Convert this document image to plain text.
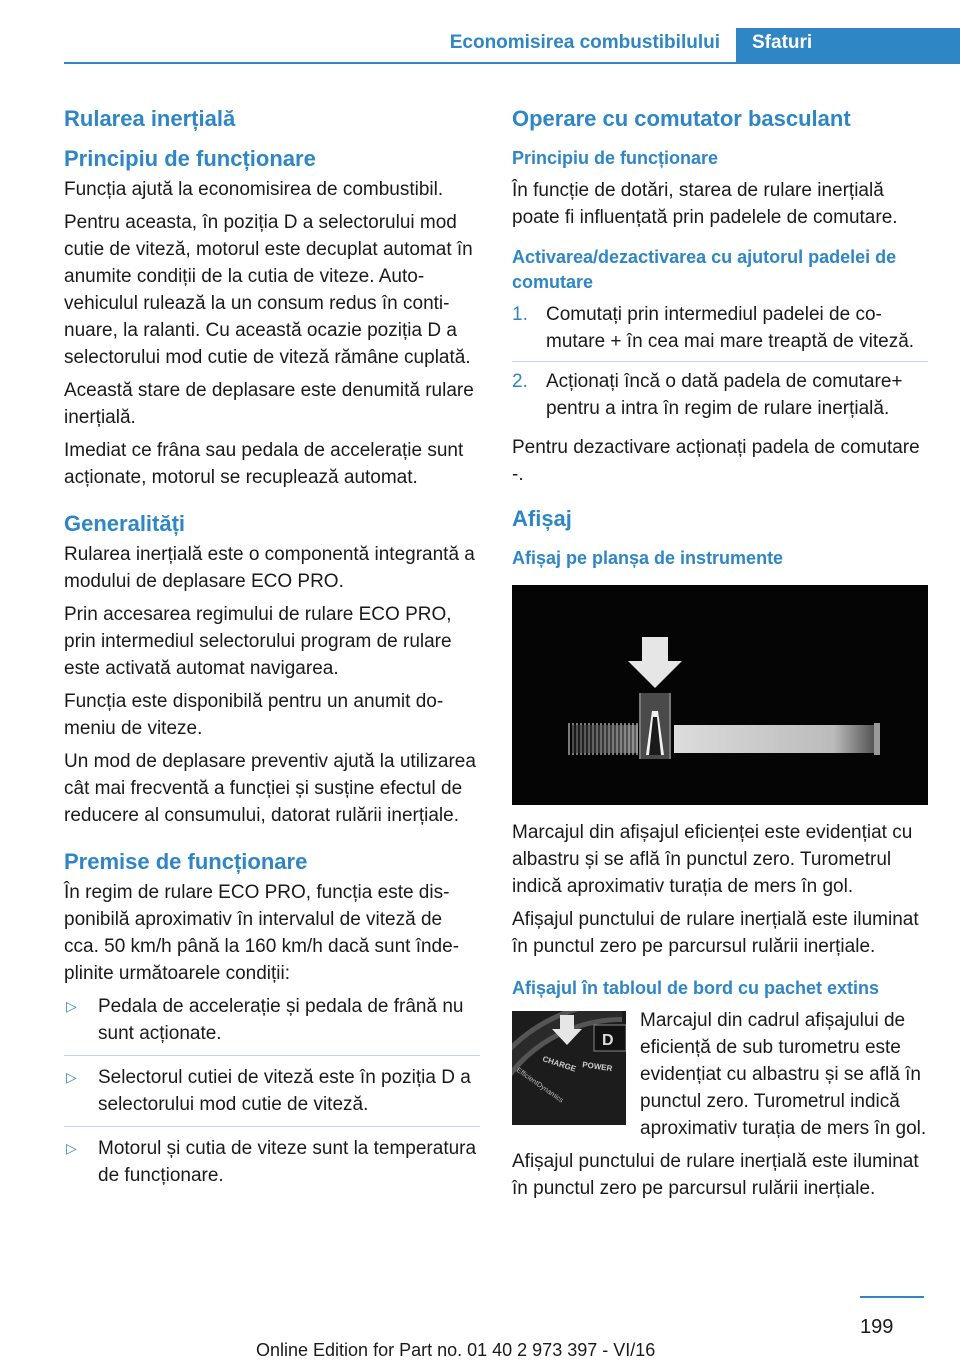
Economisirea combustibilului Sfaturi
Rularea inerțială
Principiu de funcționare

Funcția ajută la economisirea de combustibil.

Pentru aceasta, în poziția D a selectorului mod cutie de viteză, motorul este decuplat automat în anumite condiții de la cutia de viteze. Autovehiculul rulează la un consum redus în continuare, la ralanti. Cu această ocazie poziția D a selectorului mod cutie de viteză rămâne cuplată.

Această stare de deplasare este denumită rulare inerțială.

Imediat ce frâna sau pedala de accelerație sunt acționate, motorul se recuplează automat.

Generalități

Rularea inerțială este o componentă integrantă a modului de deplasare ECO PRO.

Prin accesarea regimului de rulare ECO PRO, prin intermediul selectorului program de rulare este activată automat navigarea.

Funcția este disponibilă pentru un anumit domeniu de viteze.

Un mod de deplasare preventiv ajută la utilizarea cât mai frecventă a funcției și susține efectul de reducere al consumului, datorat rulării inerțiale.

Premise de funcționare

În regim de rulare ECO PRO, funcția este disponibilă aproximativ în intervalul de viteză de cca. 50 km/h până la 160 km/h dacă sunt îndeplinite următoarele condiții:

▷ Pedala de accelerație și pedala de frână nu sunt acționate.
▷ Selectorul cutiei de viteză este în poziția D a selectorului mod cutie de viteză.
▷ Motorul și cutia de viteze sunt la temperatura de funcționare.
Operare cu comutator basculant
Principiu de funcționare

În funcție de dotări, starea de rulare inerțială poate fi influențată prin padelele de comutare.

Activarea/dezactivarea cu ajutorul padelei de comutare
1. Comutați prin intermediul padelei de comutare + în cea mai mare treaptă de viteză.
2. Acționați încă o dată padela de comutare+ pentru a intra în regim de rulare inerțială.

Pentru dezactivare acționați padela de comutare -.

Afișaj
Afișaj pe planșa de instrumente

Marcajul din afișajul eficienței este evidențiat cu albastru și se află în punctul zero. Turometrul indică aproximativ turația de mers în gol.

Afișajul punctului de rulare inerțială este iluminat în punctul zero pe parcursul rulării inerțiale.

Afișajul în tabloul de bord cu pachet extins
D
CHARGE POWER
EfficientDynamics

Marcajul din cadrul afișajului de eficiență de sub turometru este evidențiat cu albastru și se află în punctul zero. Turometrul indică aproximativ turația de mers în gol.

Afișajul punctului de rulare inerțială este iluminat în punctul zero pe parcursul rulării inerțiale.

199
Online Edition for Part no. 01 40 2 973 397 - VI/16
